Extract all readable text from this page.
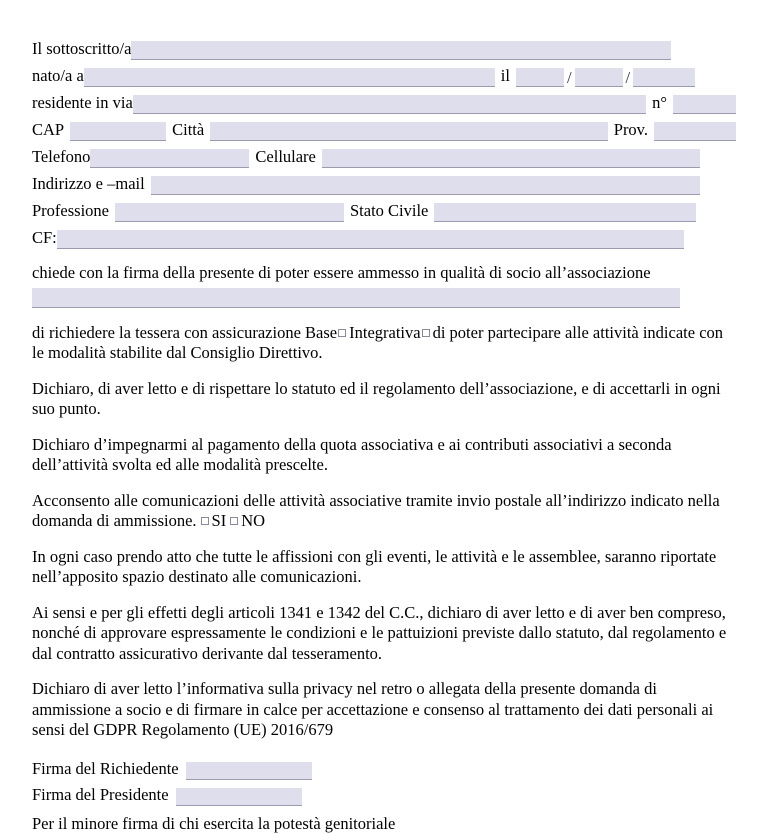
Il sottoscritto/a
nato/a a	il	/	/
residente in via	n°
CAP	Città	Prov.
Telefono	Cellulare
Indirizzo e –mail
Professione	Stato Civile
CF:

chiede con la firma della presente di poter essere ammesso in qualità di socio all’associazione

di richiedere la tessera con assicurazione Base Integrativa di poter partecipare alle attività indicate con le modalità stabilite dal Consiglio Direttivo.

Dichiaro, di aver letto e di rispettare lo statuto ed il regolamento dell’associazione, e di accettarli in ogni suo punto.

Dichiaro d’impegnarmi al pagamento della quota associativa e ai contributi associativi a seconda dell’attività svolta ed alle modalità prescelte.

Acconsento alle comunicazioni delle attività associative tramite invio postale all’indirizzo indicato nella domanda di ammissione. SI NO

In ogni caso prendo atto che tutte le affissioni con gli eventi, le attività e le assemblee, saranno riportate nell’apposito spazio destinato alle comunicazioni.

Ai sensi e per gli effetti degli articoli 1341 e 1342 del C.C., dichiaro di aver letto e di aver ben compreso, nonché di approvare espressamente le condizioni e le pattuizioni previste dallo statuto, dal regolamento e dal contratto assicurativo derivante dal tesseramento.

Dichiaro di aver letto l’informativa sulla privacy nel retro o allegata della presente domanda di ammissione a socio e di firmare in calce per accettazione e consenso al trattamento dei dati personali ai sensi del GDPR Regolamento (UE) 2016/679

Firma del Richiedente
Firma del Presidente

Per il minore firma di chi esercita la potestà genitoriale
